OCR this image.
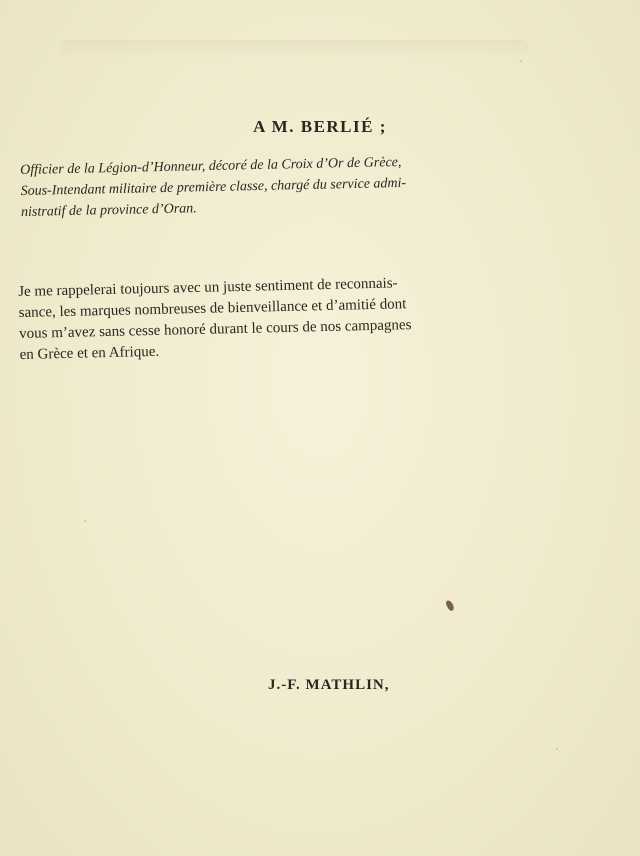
A M. BERLIÉ ;
Officier de la Légion-d’Honneur, décoré de la Croix d’Or de Grèce,
Sous-Intendant militaire de première classe, chargé du service admi-
nistratif de la province d’Oran.
Je me rappelerai toujours avec un juste sentiment de reconnais-
sance, les marques nombreuses de bienveillance et d’amitié dont
vous m’avez sans cesse honoré durant le cours de nos campagnes
en Grèce et en Afrique.
J.-F. MATHLIN,
